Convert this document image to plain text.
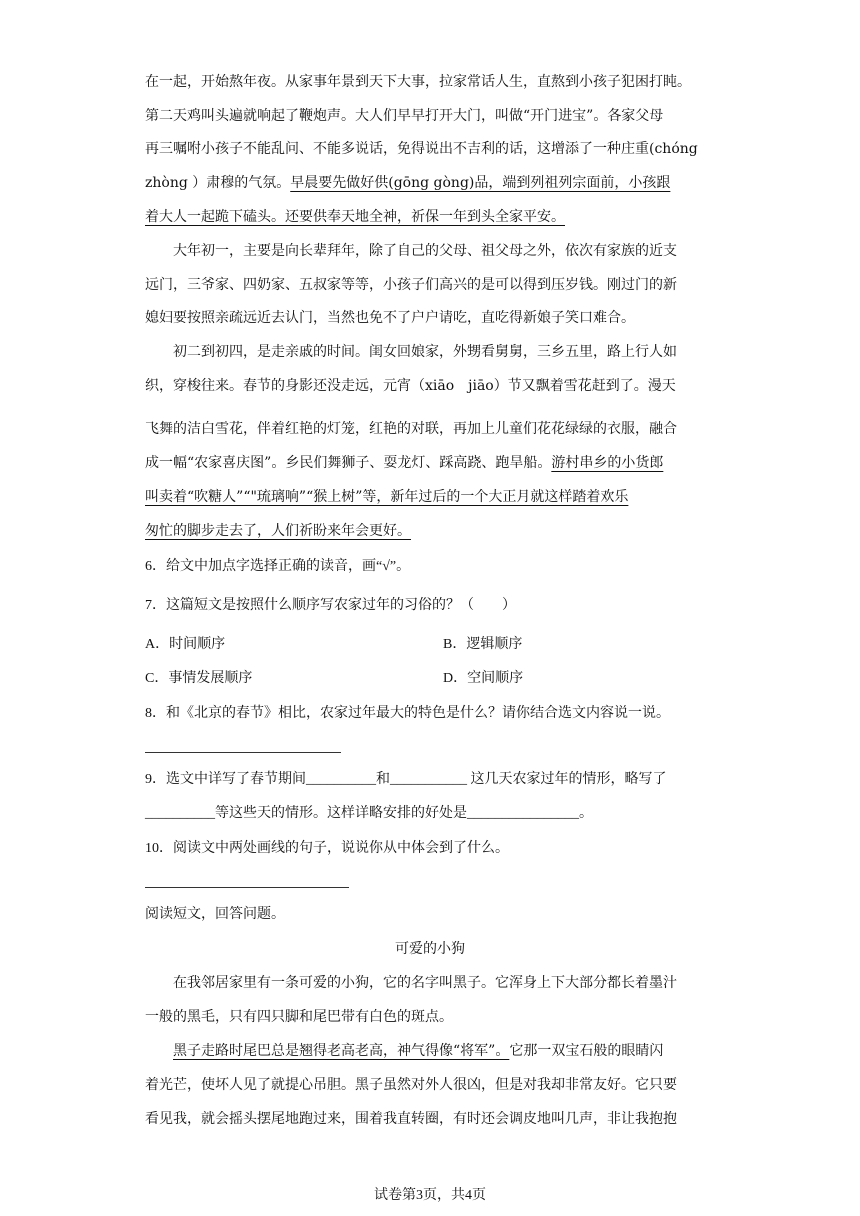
在一起，开始熬年夜。从家事年景到天下大事，拉家常话人生，直熬到小孩子犯困打盹。
第二天鸡叫头遍就响起了鞭炮声。大人们早早打开大门，叫做“开门进宝”。各家父母
再三嘱咐小孩子不能乱问、不能多说话，免得说出不吉利的话，这增添了一种庄重(chóng
zhòng ）肃穆的气氛。早晨要先做好供(gōng gòng)品，端到列祖列宗面前，小孩跟
着大人一起跪下磕头。还要供奉天地全神，祈保一年到头全家平安。
大年初一，主要是向长辈拜年，除了自己的父母、祖父母之外，依次有家族的近支
远门，三爷家、四奶家、五叔家等等，小孩子们高兴的是可以得到压岁钱。刚过门的新
媳妇要按照亲疏远近去认门，当然也免不了户户请吃，直吃得新娘子笑口难合。
初二到初四，是走亲戚的时间。闺女回娘家，外甥看舅舅，三乡五里，路上行人如
织，穿梭往来。春节的身影还没走远，元宵（xiāo　jiāo）节又飘着雪花赶到了。漫天
飞舞的洁白雪花，伴着红艳的灯笼，红艳的对联，再加上儿童们花花绿绿的衣服，融合
成一幅“农家喜庆图”。乡民们舞狮子、耍龙灯、踩高跷、跑旱船。游村串乡的小货郎
叫卖着“吹糖人”“"琉璃响”“猴上树”等，新年过后的一个大正月就这样踏着欢乐
匆忙的脚步走去了，人们祈盼来年会更好。
6．给文中加点字选择正确的读音，画“√”。
7．这篇短文是按照什么顺序写农家过年的习俗的？（　　）
A．时间顺序	B．逻辑顺序
C．事情发展顺序	D．空间顺序
8．和《北京的春节》相比，农家过年最大的特色是什么？请你结合选文内容说一说。
9．选文中详写了春节期间__________和___________ 这几天农家过年的情形，略写了
__________等这些天的情形。这样详略安排的好处是________________。
10．阅读文中两处画线的句子，说说你从中体会到了什么。
阅读短文，回答问题。
可爱的小狗
在我邻居家里有一条可爱的小狗，它的名字叫黑子。它浑身上下大部分都长着墨汁
一般的黑毛，只有四只脚和尾巴带有白色的斑点。
黑子走路时尾巴总是翘得老高老高，神气得像“将军”。它那一双宝石般的眼睛闪
着光芒，使坏人见了就提心吊胆。黑子虽然对外人很凶，但是对我却非常友好。它只要
看见我，就会摇头摆尾地跑过来，围着我直转圈，有时还会调皮地叫几声，非让我抱抱
试卷第3页，共4页
